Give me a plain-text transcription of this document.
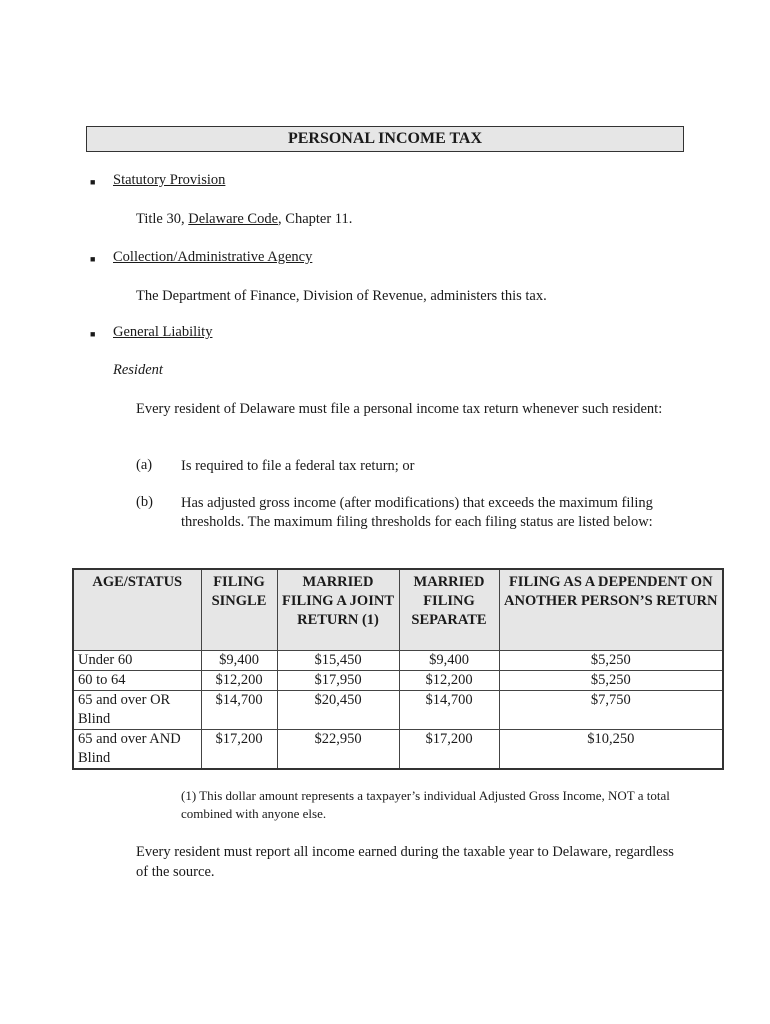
PERSONAL INCOME TAX
■ Statutory Provision
Title 30, Delaware Code, Chapter 11.
■ Collection/Administrative Agency
The Department of Finance, Division of Revenue, administers this tax.
■ General Liability
Resident
Every resident of Delaware must file a personal income tax return whenever such resident:
(a) Is required to file a federal tax return; or
(b) Has adjusted gross income (after modifications) that exceeds the maximum filing thresholds. The maximum filing thresholds for each filing status are listed below:
AGE/STATUS	FILING SINGLE	MARRIED FILING A JOINT RETURN (1)	MARRIED FILING SEPARATE	FILING AS A DEPENDENT ON ANOTHER PERSON’S RETURN
Under 60	$9,400	$15,450	$9,400	$5,250
60 to 64	$12,200	$17,950	$12,200	$5,250
65 and over OR Blind	$14,700	$20,450	$14,700	$7,750
65 and over AND Blind	$17,200	$22,950	$17,200	$10,250
(1) This dollar amount represents a taxpayer’s individual Adjusted Gross Income, NOT a total combined with anyone else.
Every resident must report all income earned during the taxable year to Delaware, regardless of the source.
